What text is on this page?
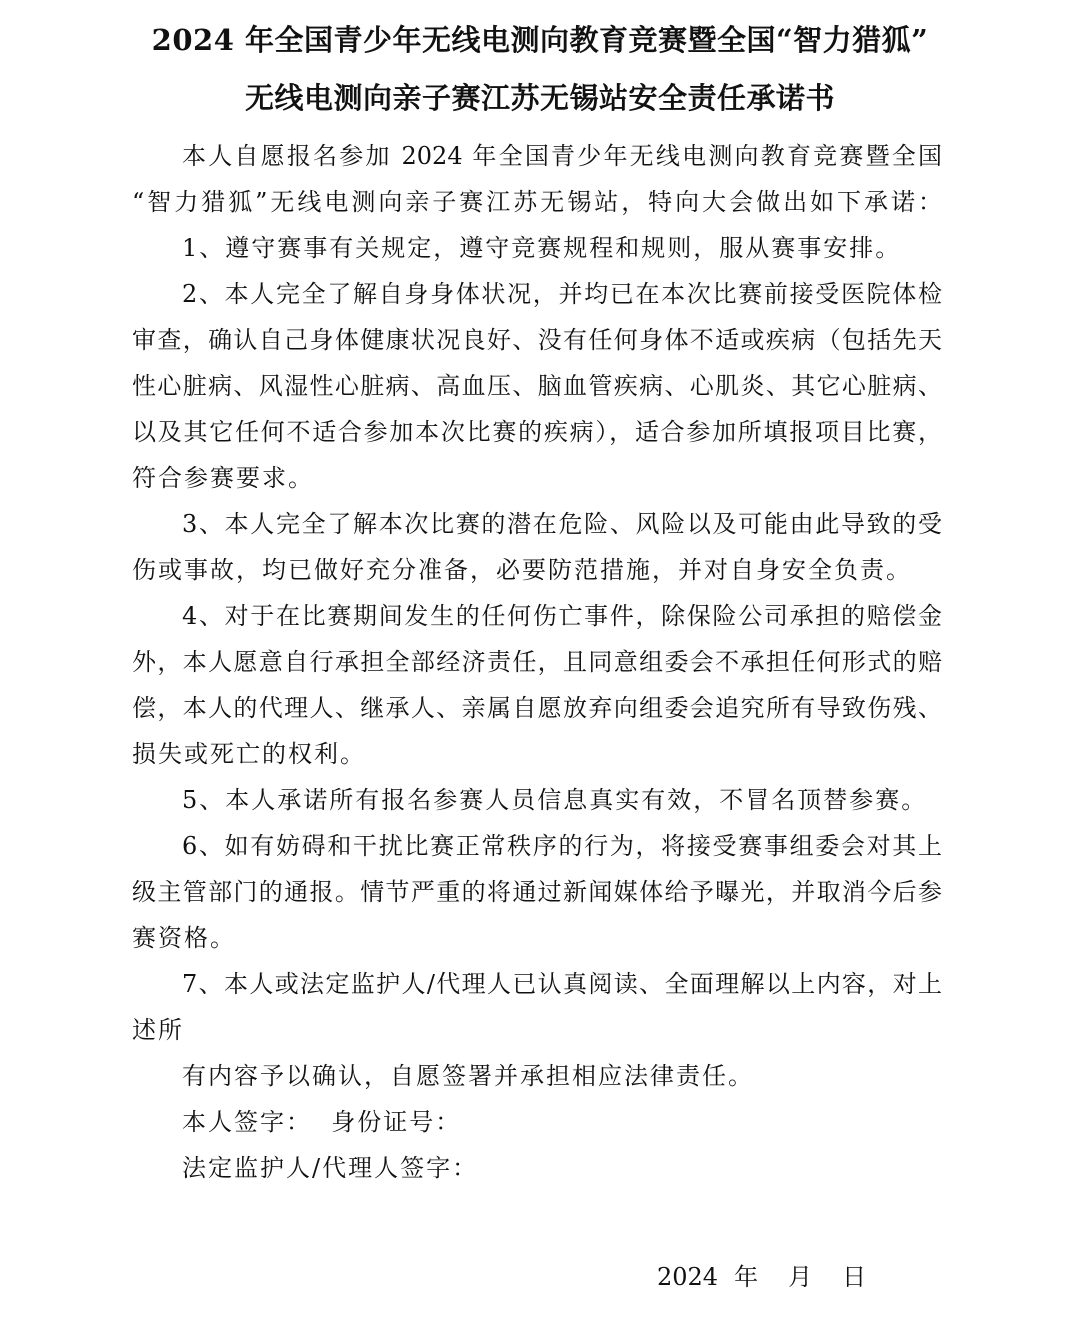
2024 年全国青少年无线电测向教育竞赛暨全国“智力猎狐”
无线电测向亲子赛江苏无锡站安全责任承诺书
本人自愿报名参加 2024 年全国青少年无线电测向教育竞赛暨全国
“智力猎狐”无线电测向亲子赛江苏无锡站，特向大会做出如下承诺：
1、遵守赛事有关规定，遵守竞赛规程和规则，服从赛事安排。
2、本人完全了解自身身体状况，并均已在本次比赛前接受医院体检
审查，确认自己身体健康状况良好、没有任何身体不适或疾病（包括先天
性心脏病、风湿性心脏病、高血压、脑血管疾病、心肌炎、其它心脏病、
以及其它任何不适合参加本次比赛的疾病），适合参加所填报项目比赛，
符合参赛要求。
3、本人完全了解本次比赛的潜在危险、风险以及可能由此导致的受
伤或事故，均已做好充分准备，必要防范措施，并对自身安全负责。
4、对于在比赛期间发生的任何伤亡事件，除保险公司承担的赔偿金
外，本人愿意自行承担全部经济责任，且同意组委会不承担任何形式的赔
偿，本人的代理人、继承人、亲属自愿放弃向组委会追究所有导致伤残、
损失或死亡的权利。
5、本人承诺所有报名参赛人员信息真实有效，不冒名顶替参赛。
6、如有妨碍和干扰比赛正常秩序的行为，将接受赛事组委会对其上
级主管部门的通报。情节严重的将通过新闻媒体给予曝光，并取消今后参
赛资格。
7、本人或法定监护人/代理人已认真阅读、全面理解以上内容，对上
述所
有内容予以确认，自愿签署并承担相应法律责任。
本人签字：  身份证号：
法定监护人/代理人签字：
2024 年 月 日
